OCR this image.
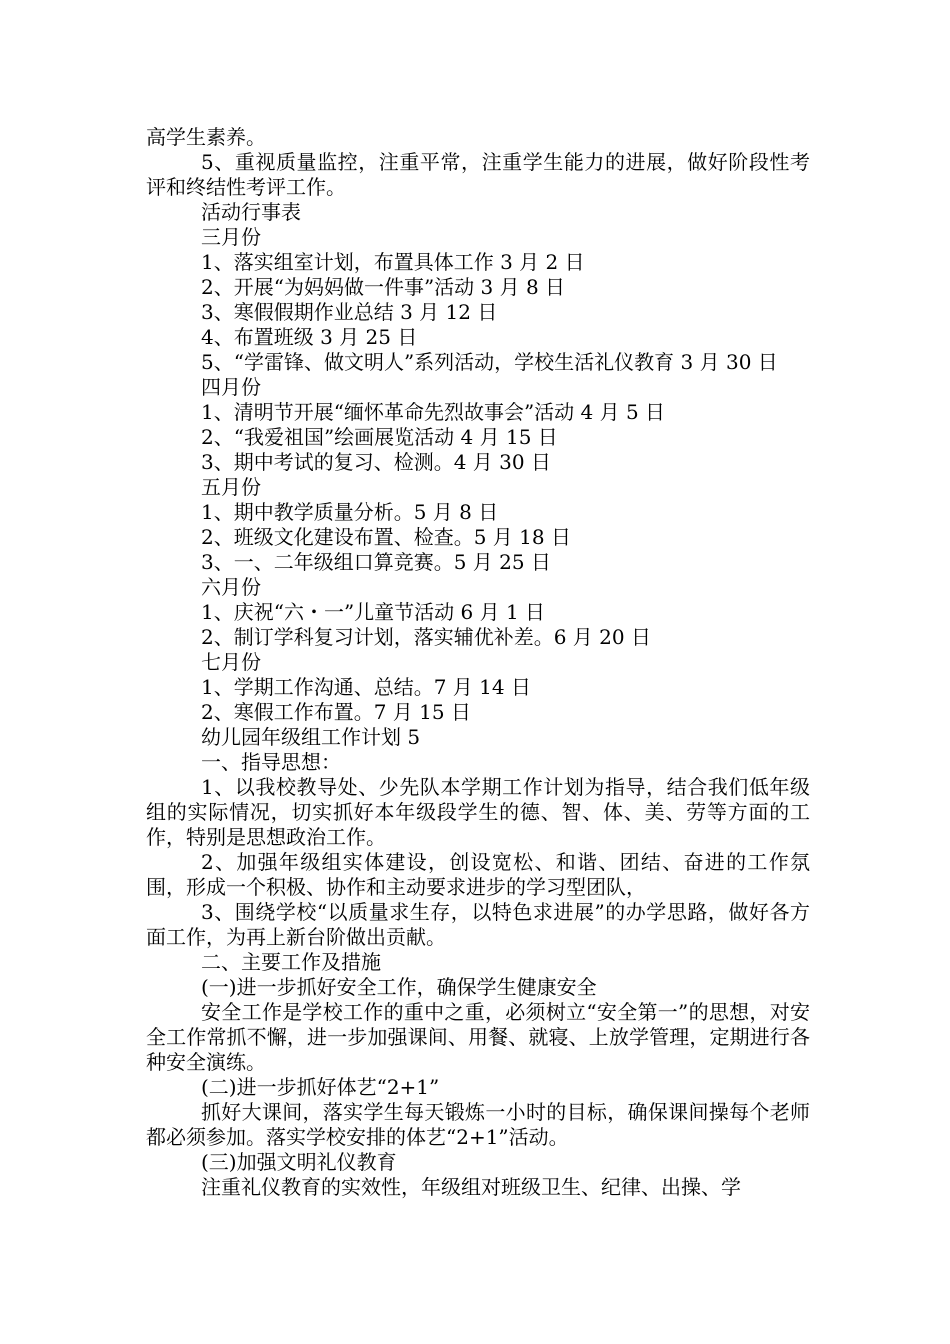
高学生素养。

5、重视质量监控，注重平常，注重学生能力的进展，做好阶段性考评和终结性考评工作。

活动行事表

三月份

1、落实组室计划，布置具体工作 3 月 2 日

2、开展“为妈妈做一件事”活动 3 月 8 日

3、寒假假期作业总结 3 月 12 日

4、布置班级 3 月 25 日

5、“学雷锋、做文明人”系列活动，学校生活礼仪教育 3 月 30 日

四月份

1、清明节开展“缅怀革命先烈故事会”活动 4 月 5 日

2、“我爱祖国”绘画展览活动 4 月 15 日

3、期中考试的复习、检测。4 月 30 日

五月份

1、期中教学质量分析。5 月 8 日

2、班级文化建设布置、检查。5 月 18 日

3、一、二年级组口算竞赛。5 月 25 日

六月份

1、庆祝“六・一”儿童节活动 6 月 1 日

2、制订学科复习计划，落实辅优补差。6 月 20 日

七月份

1、学期工作沟通、总结。7 月 14 日

2、寒假工作布置。7 月 15 日

幼儿园年级组工作计划 5

一、指导思想：

1、以我校教导处、少先队本学期工作计划为指导，结合我们低年级组的实际情况，切实抓好本年级段学生的德、智、体、美、劳等方面的工作，特别是思想政治工作。

2、加强年级组实体建设，创设宽松、和谐、团结、奋进的工作氛围，形成一个积极、协作和主动要求进步的学习型团队，

3、围绕学校“以质量求生存，以特色求进展”的办学思路，做好各方面工作，为再上新台阶做出贡献。

二、主要工作及措施

(一)进一步抓好安全工作，确保学生健康安全

安全工作是学校工作的重中之重，必须树立“安全第一”的思想，对安全工作常抓不懈，进一步加强课间、用餐、就寝、上放学管理，定期进行各种安全演练。

(二)进一步抓好体艺“2+1”

抓好大课间，落实学生每天锻炼一小时的目标，确保课间操每个老师都必须参加。落实学校安排的体艺“2+1”活动。

(三)加强文明礼仪教育

注重礼仪教育的实效性，年级组对班级卫生、纪律、出操、学
